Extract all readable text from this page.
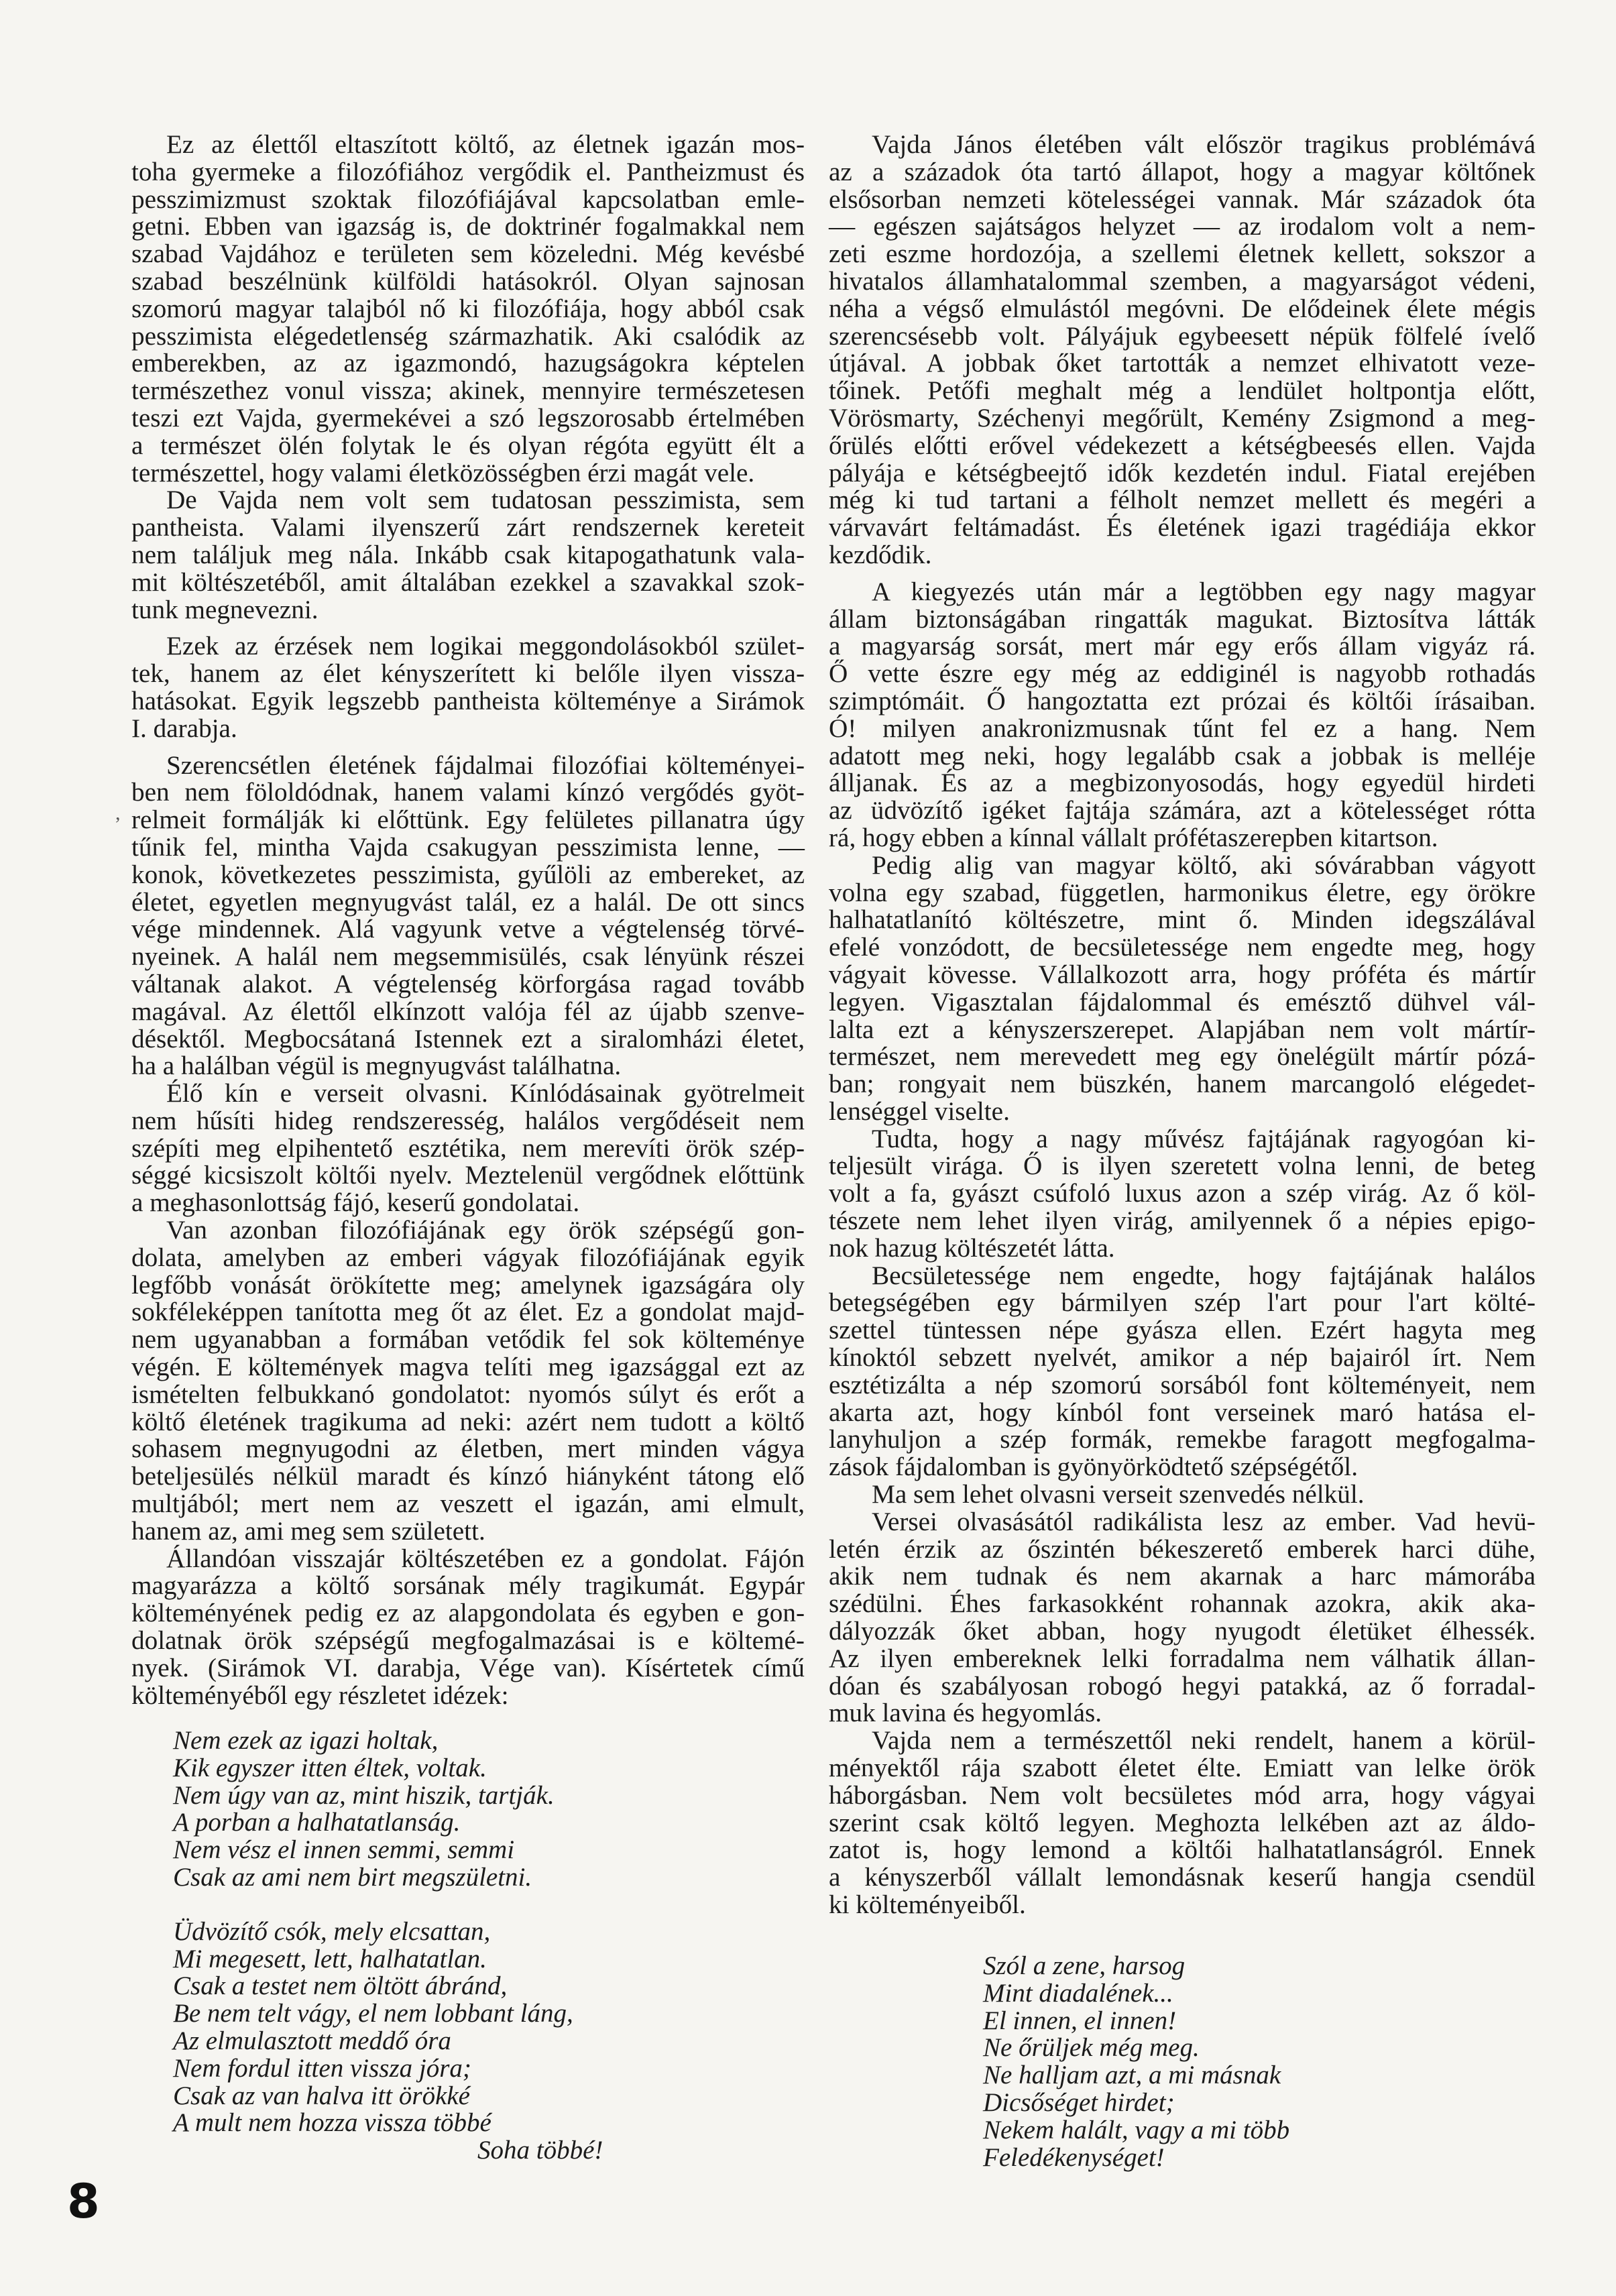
Ez az élettől eltaszított költő, az életnek igazán mos-
toha gyermeke a filozófiához vergődik el. Pantheizmust és
pesszimizmust szoktak filozófiájával kapcsolatban emle-
getni. Ebben van igazság is, de doktrinér fogalmakkal nem
szabad Vajdához e területen sem közeledni. Még kevésbé
szabad beszélnünk külföldi hatásokról. Olyan sajnosan
szomorú magyar talajból nő ki filozófiája, hogy abból csak
pesszimista elégedetlenség származhatik. Aki csalódik az
emberekben, az az igazmondó, hazugságokra képtelen
természethez vonul vissza; akinek, mennyire természetesen
teszi ezt Vajda, gyermekévei a szó legszorosabb értelmében
a természet ölén folytak le és olyan régóta együtt élt a
természettel, hogy valami életközösségben érzi magát vele.
De Vajda nem volt sem tudatosan pesszimista, sem
pantheista. Valami ilyenszerű zárt rendszernek kereteit
nem találjuk meg nála. Inkább csak kitapogathatunk vala-
mit költészetéből, amit általában ezekkel a szavakkal szok-
tunk megnevezni.
Ezek az érzések nem logikai meggondolásokból szület-
tek, hanem az élet kényszerített ki belőle ilyen vissza-
hatásokat. Egyik legszebb pantheista költeménye a Sirámok
I. darabja.
Szerencsétlen életének fájdalmai filozófiai költeményei-
ben nem föloldódnak, hanem valami kínzó vergődés gyöt-
relmeit formálják ki előttünk. Egy felületes pillanatra úgy
tűnik fel, mintha Vajda csakugyan pesszimista lenne, —
konok, következetes pesszimista, gyűlöli az embereket, az
életet, egyetlen megnyugvást talál, ez a halál. De ott sincs
vége mindennek. Alá vagyunk vetve a végtelenség törvé-
nyeinek. A halál nem megsemmisülés, csak lényünk részei
váltanak alakot. A végtelenség körforgása ragad tovább
magával. Az élettől elkínzott valója fél az újabb szenve-
désektől. Megbocsátaná Istennek ezt a siralomházi életet,
ha a halálban végül is megnyugvást találhatna.
Élő kín e verseit olvasni. Kínlódásainak gyötrelmeit
nem hűsíti hideg rendszeresség, halálos vergődéseit nem
szépíti meg elpihentető esztétika, nem merevíti örök szép-
séggé kicsiszolt költői nyelv. Meztelenül vergődnek előttünk
a meghasonlottság fájó, keserű gondolatai.
Van azonban filozófiájának egy örök szépségű gon-
dolata, amelyben az emberi vágyak filozófiájának egyik
legfőbb vonását örökítette meg; amelynek igazságára oly
sokféleképpen tanította meg őt az élet. Ez a gondolat majd-
nem ugyanabban a formában vetődik fel sok költeménye
végén. E költemények magva telíti meg igazsággal ezt az
ismételten felbukkanó gondolatot: nyomós súlyt és erőt a
költő életének tragikuma ad neki: azért nem tudott a költő
sohasem megnyugodni az életben, mert minden vágya
beteljesülés nélkül maradt és kínzó hiányként tátong elő
multjából; mert nem az veszett el igazán, ami elmult,
hanem az, ami meg sem született.
Állandóan visszajár költészetében ez a gondolat. Fájón
magyarázza a költő sorsának mély tragikumát. Egypár
költeményének pedig ez az alapgondolata és egyben e gon-
dolatnak örök szépségű megfogalmazásai is e költemé-
nyek. (Sirámok VI. darabja, Vége van). Kísértetek című
költeményéből egy részletet idézek:
Nem ezek az igazi holtak,
Kik egyszer itten éltek, voltak.
Nem úgy van az, mint hiszik, tartják.
A porban a halhatatlanság.
Nem vész el innen semmi, semmi
Csak az ami nem birt megszületni.
Üdvözítő csók, mely elcsattan,
Mi megesett, lett, halhatatlan.
Csak a testet nem öltött ábránd,
Be nem telt vágy, el nem lobbant láng,
Az elmulasztott meddő óra
Nem fordul itten vissza jóra;
Csak az van halva itt örökké
A mult nem hozza vissza többé
Soha többé!
Vajda János életében vált először tragikus problémává
az a századok óta tartó állapot, hogy a magyar költőnek
elsősorban nemzeti kötelességei vannak. Már századok óta
— egészen sajátságos helyzet — az irodalom volt a nem-
zeti eszme hordozója, a szellemi életnek kellett, sokszor a
hivatalos államhatalommal szemben, a magyarságot védeni,
néha a végső elmulástól megóvni. De elődeinek élete mégis
szerencsésebb volt. Pályájuk egybeesett népük fölfelé ívelő
útjával. A jobbak őket tartották a nemzet elhivatott veze-
tőinek. Petőfi meghalt még a lendület holtpontja előtt,
Vörösmarty, Széchenyi megőrült, Kemény Zsigmond a meg-
őrülés előtti erővel védekezett a kétségbeesés ellen. Vajda
pályája e kétségbeejtő idők kezdetén indul. Fiatal erejében
még ki tud tartani a félholt nemzet mellett és megéri a
várvavárt feltámadást. És életének igazi tragédiája ekkor
kezdődik.
A kiegyezés után már a legtöbben egy nagy magyar
állam biztonságában ringatták magukat. Biztosítva látták
a magyarság sorsát, mert már egy erős állam vigyáz rá.
Ő vette észre egy még az eddiginél is nagyobb rothadás
szimptómáit. Ő hangoztatta ezt prózai és költői írásaiban.
Ó! milyen anakronizmusnak tűnt fel ez a hang. Nem
adatott meg neki, hogy legalább csak a jobbak is melléje
álljanak. És az a megbizonyosodás, hogy egyedül hirdeti
az üdvözítő igéket fajtája számára, azt a kötelességet rótta
rá, hogy ebben a kínnal vállalt prófétaszerepben kitartson.
Pedig alig van magyar költő, aki sóvárabban vágyott
volna egy szabad, független, harmonikus életre, egy örökre
halhatatlanító költészetre, mint ő. Minden idegszálával
efelé vonzódott, de becsületessége nem engedte meg, hogy
vágyait kövesse. Vállalkozott arra, hogy próféta és mártír
legyen. Vigasztalan fájdalommal és emésztő dühvel vál-
lalta ezt a kényszerszerepet. Alapjában nem volt mártír-
természet, nem merevedett meg egy önelégült mártír pózá-
ban; rongyait nem büszkén, hanem marcangoló elégedet-
lenséggel viselte.
Tudta, hogy a nagy művész fajtájának ragyogóan ki-
teljesült virága. Ő is ilyen szeretett volna lenni, de beteg
volt a fa, gyászt csúfoló luxus azon a szép virág. Az ő köl-
tészete nem lehet ilyen virág, amilyennek ő a népies epigo-
nok hazug költészetét látta.
Becsületessége nem engedte, hogy fajtájának halálos
betegségében egy bármilyen szép l'art pour l'art költé-
szettel tüntessen népe gyásza ellen. Ezért hagyta meg
kínoktól sebzett nyelvét, amikor a nép bajairól írt. Nem
esztétizálta a nép szomorú sorsából font költeményeit, nem
akarta azt, hogy kínból font verseinek maró hatása el-
lanyhuljon a szép formák, remekbe faragott megfogalma-
zások fájdalomban is gyönyörködtető szépségétől.
Ma sem lehet olvasni verseit szenvedés nélkül.
Versei olvasásától radikálista lesz az ember. Vad hevü-
letén érzik az őszintén békeszerető emberek harci dühe,
akik nem tudnak és nem akarnak a harc mámorába
szédülni. Éhes farkasokként rohannak azokra, akik aka-
dályozzák őket abban, hogy nyugodt életüket élhessék.
Az ilyen embereknek lelki forradalma nem válhatik állan-
dóan és szabályosan robogó hegyi patakká, az ő forradal-
muk lavina és hegyomlás.
Vajda nem a természettől neki rendelt, hanem a körül-
ményektől rája szabott életet élte. Emiatt van lelke örök
háborgásban. Nem volt becsületes mód arra, hogy vágyai
szerint csak költő legyen. Meghozta lelkében azt az áldo-
zatot is, hogy lemond a költői halhatatlanságról. Ennek
a kényszerből vállalt lemondásnak keserű hangja csendül
ki költeményeiből.
Szól a zene, harsog
Mint diadalének...
El innen, el innen!
Ne őrüljek még meg.
Ne halljam azt, a mi másnak
Dicsőséget hirdet;
Nekem halált, vagy a mi több
Feledékenységet!
,
8
